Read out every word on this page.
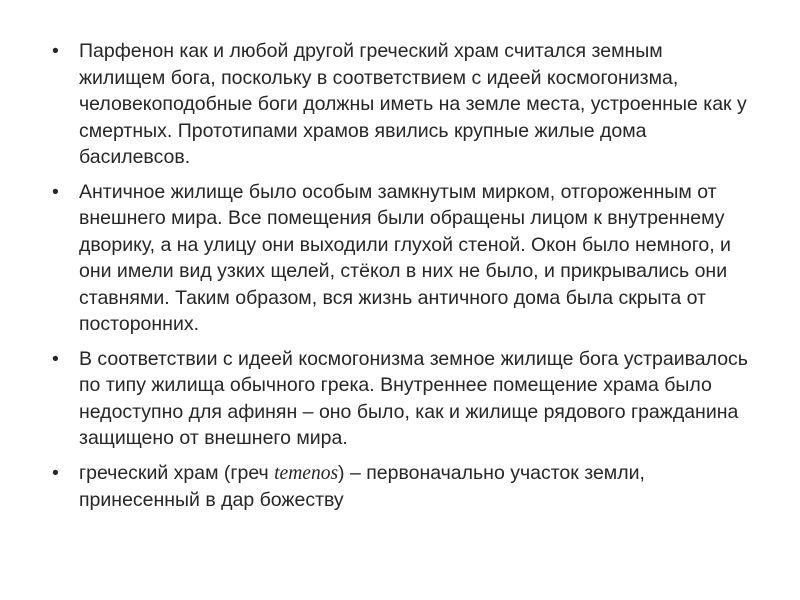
•	Парфенон как и любой другой греческий храм считался земным жилищем бога, поскольку в соответствием с идеей космогонизма, человекоподобные боги должны иметь на земле места, устроенные как у смертных. Прототипами храмов явились крупные жилые дома басилевсов.
•	Античное жилище было особым замкнутым мирком, отгороженным от внешнего мира. Все помещения были обращены лицом к внутреннему дворику, а на улицу они выходили глухой стеной. Окон было немного, и они имели вид узких щелей, стёкол в них не было, и прикрывались они ставнями. Таким образом, вся жизнь античного дома была скрыта от посторонних.
•	В соответствии с идеей космогонизма земное жилище бога устраивалось по типу жилища обычного грека. Внутреннее помещение храма было недоступно для афинян – оно было, как и жилище рядового гражданина защищено от внешнего мира.
•	греческий храм (греч temenos) – первоначально участок земли, принесенный в дар божеству
